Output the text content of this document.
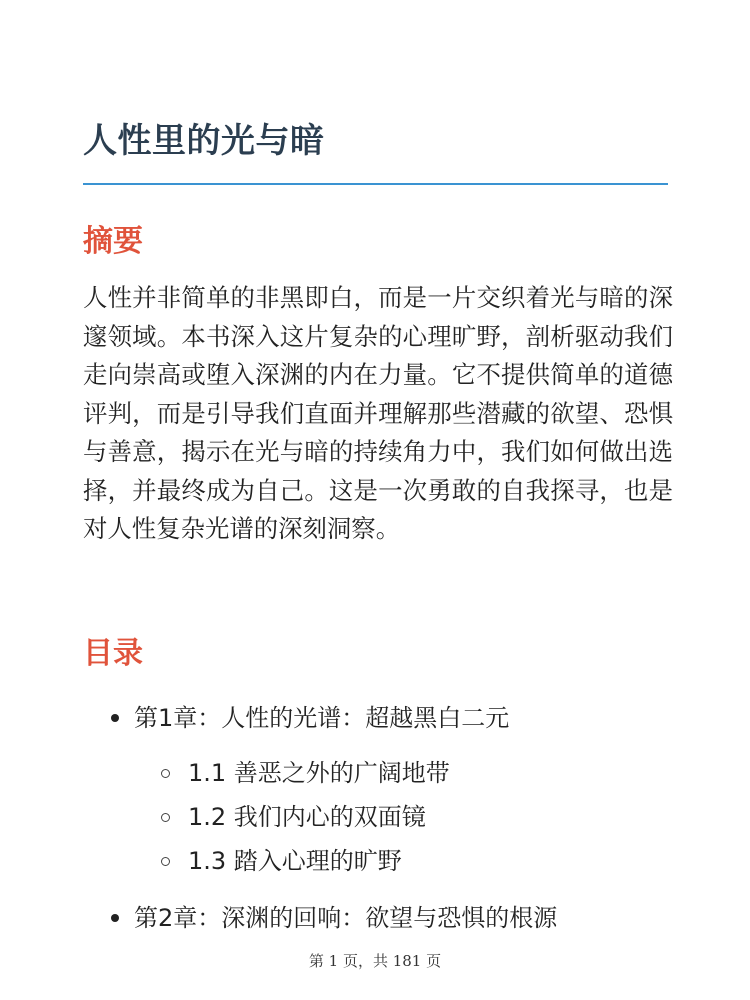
人性里的光与暗
摘要

人性并非简单的非黑即白，而是一片交织着光与暗的深邃领域。本书深入这片复杂的心理旷野，剖析驱动我们走向崇高或堕入深渊的内在力量。它不提供简单的道德评判，而是引导我们直面并理解那些潜藏的欲望、恐惧与善意，揭示在光与暗的持续角力中，我们如何做出选择，并最终成为自己。这是一次勇敢的自我探寻，也是对人性复杂光谱的深刻洞察。

目录
第1章：人性的光谱：超越黑白二元
1.1 善恶之外的广阔地带
1.2 我们内心的双面镜
1.3 踏入心理的旷野
第2章：深渊的回响：欲望与恐惧的根源
第 1 页，共 181 页
